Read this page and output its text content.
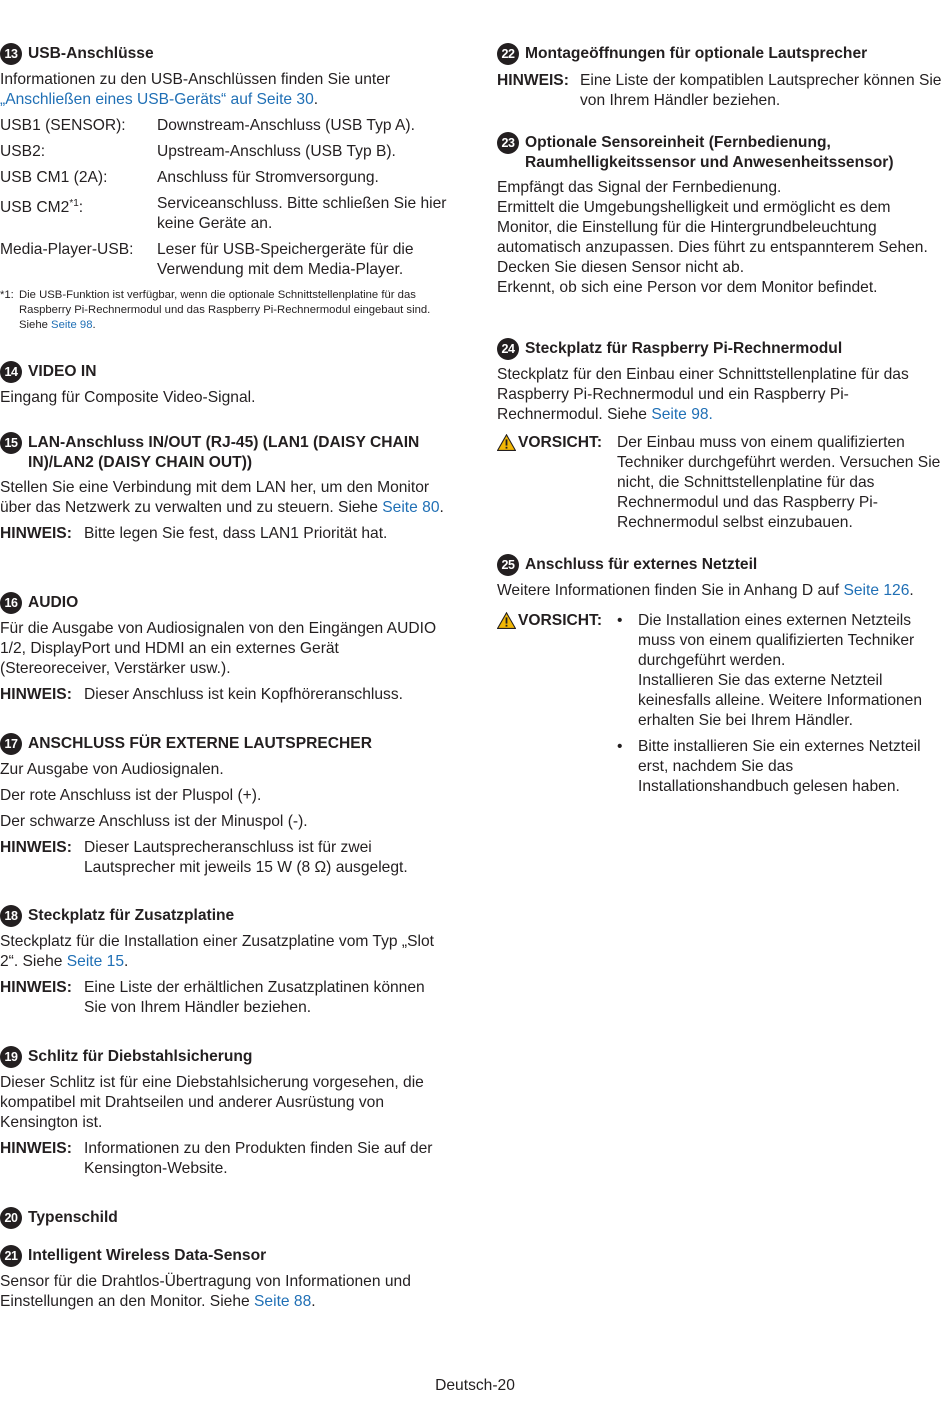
13 USB-Anschlüsse

Informationen zu den USB-Anschlüssen finden Sie unter
„Anschließen eines USB-Geräts“ auf Seite 30.

USB1 (SENSOR):	Downstream-Anschluss (USB Typ A).
USB2:	Upstream-Anschluss (USB Typ B).
USB CM1 (2A):	Anschluss für Stromversorgung.
USB CM2$^{*1}$:	Serviceanschluss. Bitte schließen Sie hier keine Geräte an.
Media-Player-USB:	Leser für USB-Speichergeräte für die Verwendung mit dem Media-Player.
*1: Die USB-Funktion ist verfügbar, wenn die optionale Schnittstellenplatine für das Raspberry Pi-Rechnermodul und das Raspberry Pi-Rechnermodul eingebaut sind. Siehe Seite 98.
14 VIDEO IN

Eingang für Composite Video-Signal.

15 LAN-Anschluss IN/OUT (RJ-45) (LAN1 (DAISY CHAIN IN)/LAN2 (DAISY CHAIN OUT))

Stellen Sie eine Verbindung mit dem LAN her, um den Monitor über das Netzwerk zu verwalten und zu steuern. Siehe Seite 80.

HINWEIS: Bitte legen Sie fest, dass LAN1 Priorität hat.
16 AUDIO

Für die Ausgabe von Audiosignalen von den Eingängen AUDIO 1/2, DisplayPort und HDMI an ein externes Gerät (Stereoreceiver, Verstärker usw.).

HINWEIS: Dieser Anschluss ist kein Kopfhöreranschluss.
17 ANSCHLUSS FÜR EXTERNE LAUTSPRECHER

Zur Ausgabe von Audiosignalen.

Der rote Anschluss ist der Pluspol (+).

Der schwarze Anschluss ist der Minuspol (-).

HINWEIS: Dieser Lautsprecheranschluss ist für zwei Lautsprecher mit jeweils 15 W (8 Ω) ausgelegt.
18 Steckplatz für Zusatzplatine

Steckplatz für die Installation einer Zusatzplatine vom Typ „Slot 2“. Siehe Seite 15.

HINWEIS: Eine Liste der erhältlichen Zusatzplatinen können Sie von Ihrem Händler beziehen.
19 Schlitz für Diebstahlsicherung

Dieser Schlitz ist für eine Diebstahlsicherung vorgesehen, die kompatibel mit Drahtseilen und anderer Ausrüstung von Kensington ist.

HINWEIS: Informationen zu den Produkten finden Sie auf der Kensington-Website.
20 Typenschild
21 Intelligent Wireless Data-Sensor

Sensor für die Drahtlos-Übertragung von Informationen und Einstellungen an den Monitor. Siehe Seite 88.

22 Montageöffnungen für optionale Lautsprecher
HINWEIS: Eine Liste der kompatiblen Lautsprecher können Sie von Ihrem Händler beziehen.
23 Optionale Sensoreinheit (Fernbedienung, Raumhelligkeitssensor und Anwesenheitssensor)

Empfängt das Signal der Fernbedienung.

Ermittelt die Umgebungshelligkeit und ermöglicht es dem Monitor, die Einstellung für die Hintergrundbeleuchtung automatisch anzupassen. Dies führt zu entspannterem Sehen.

Decken Sie diesen Sensor nicht ab.

Erkennt, ob sich eine Person vor dem Monitor befindet.

24 Steckplatz für Raspberry Pi-Rechnermodul

Steckplatz für den Einbau einer Schnittstellenplatine für das Raspberry Pi-Rechnermodul und ein Raspberry Pi-Rechnermodul. Siehe Seite 98.

VORSICHT: Der Einbau muss von einem qualifizierten Techniker durchgeführt werden. Versuchen Sie nicht, die Schnittstellenplatine für das Rechnermodul und das Raspberry Pi-Rechnermodul selbst einzubauen.
25 Anschluss für externes Netzteil

Weitere Informationen finden Sie in Anhang D auf Seite 126.

VORSICHT: • Die Installation eines externen Netzteils muss von einem qualifizierten Techniker durchgeführt werden.
Installieren Sie das externe Netzteil keinesfalls alleine. Weitere Informationen erhalten Sie bei Ihrem Händler.
• Bitte installieren Sie ein externes Netzteil erst, nachdem Sie das Installationshandbuch gelesen haben.
Deutsch-20
